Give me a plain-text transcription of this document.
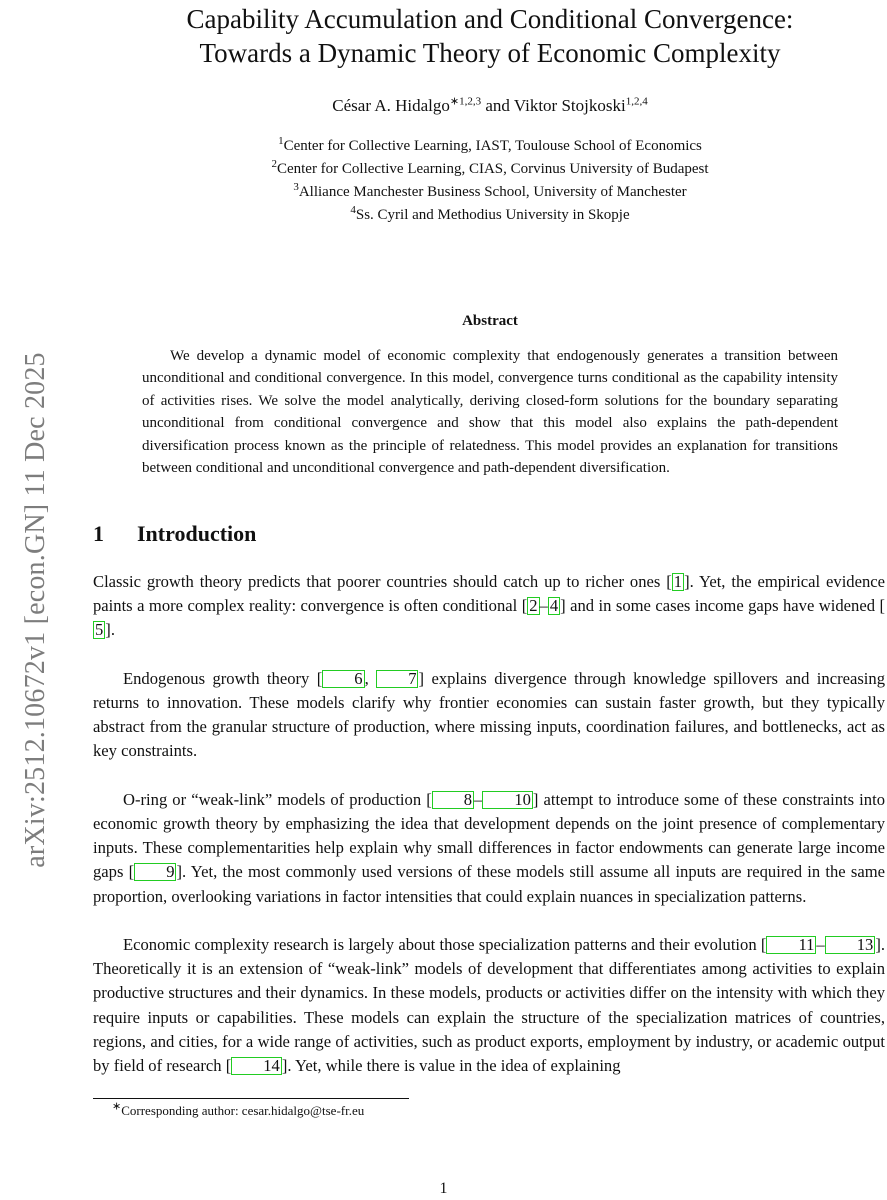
arXiv:2512.10672v1 [econ.GN] 11 Dec 2025
Capability Accumulation and Conditional Convergence:
Towards a Dynamic Theory of Economic Complexity
César A. Hidalgo$^{∗1,2,3}$ and Viktor Stojkoski$^{1,2,4}$
$^1$Center for Collective Learning, IAST, Toulouse School of Economics
$^2$Center for Collective Learning, CIAS, Corvinus University of Budapest
$^3$Alliance Manchester Business School, University of Manchester
$^4$Ss. Cyril and Methodius University in Skopje
Abstract
We develop a dynamic model of economic complexity that endogenously generates a transition between unconditional and conditional convergence. In this model, convergence turns conditional as the capability intensity of activities rises. We solve the model analytically, deriving closed-form solutions for the boundary separating unconditional from conditional convergence and show that this model also explains the path-dependent diversification process known as the principle of relatedness. This model provides an explanation for transitions between conditional and unconditional convergence and path-dependent diversification.
1 Introduction

Classic growth theory predicts that poorer countries should catch up to richer ones [ 1 ]. Yet, the empirical evidence paints a more complex reality: convergence is often conditional [ 2 – 4 ] and in some cases income gaps have widened [5 ].

Endogenous growth theory [ 6 , 7 ] explains divergence through knowledge spillovers and increasing returns to innovation. These models clarify why frontier economies can sustain faster growth, but they typically abstract from the granular structure of production, where missing inputs, coordination failures, and bottlenecks, act as key constraints.

O-ring or “weak-link” models of production [ 8 – 10 ] attempt to introduce some of these constraints into economic growth theory by emphasizing the idea that development depends on the joint presence of complementary inputs. These complementarities help explain why small differences in factor endowments can generate large income gaps [ 9 ]. Yet, the most commonly used versions of these models still assume all inputs are required in the same proportion, overlooking variations in factor intensities that could explain nuances in specialization patterns.

Economic complexity research is largely about those specialization patterns and their evolution [ 11 – 13 ]. Theoretically it is an extension of “weak-link” models of development that differentiates among activities to explain productive structures and their dynamics. In these models, products or activities differ on the intensity with which they require inputs or capabilities. These models can explain the structure of the specialization matrices of countries, regions, and cities, for a wide range of activities, such as product exports, employment by industry, or academic output by field of research [ 14 ]. Yet, while there is value in the idea of explaining

∗Corresponding author: cesar.hidalgo@tse-fr.eu
1
